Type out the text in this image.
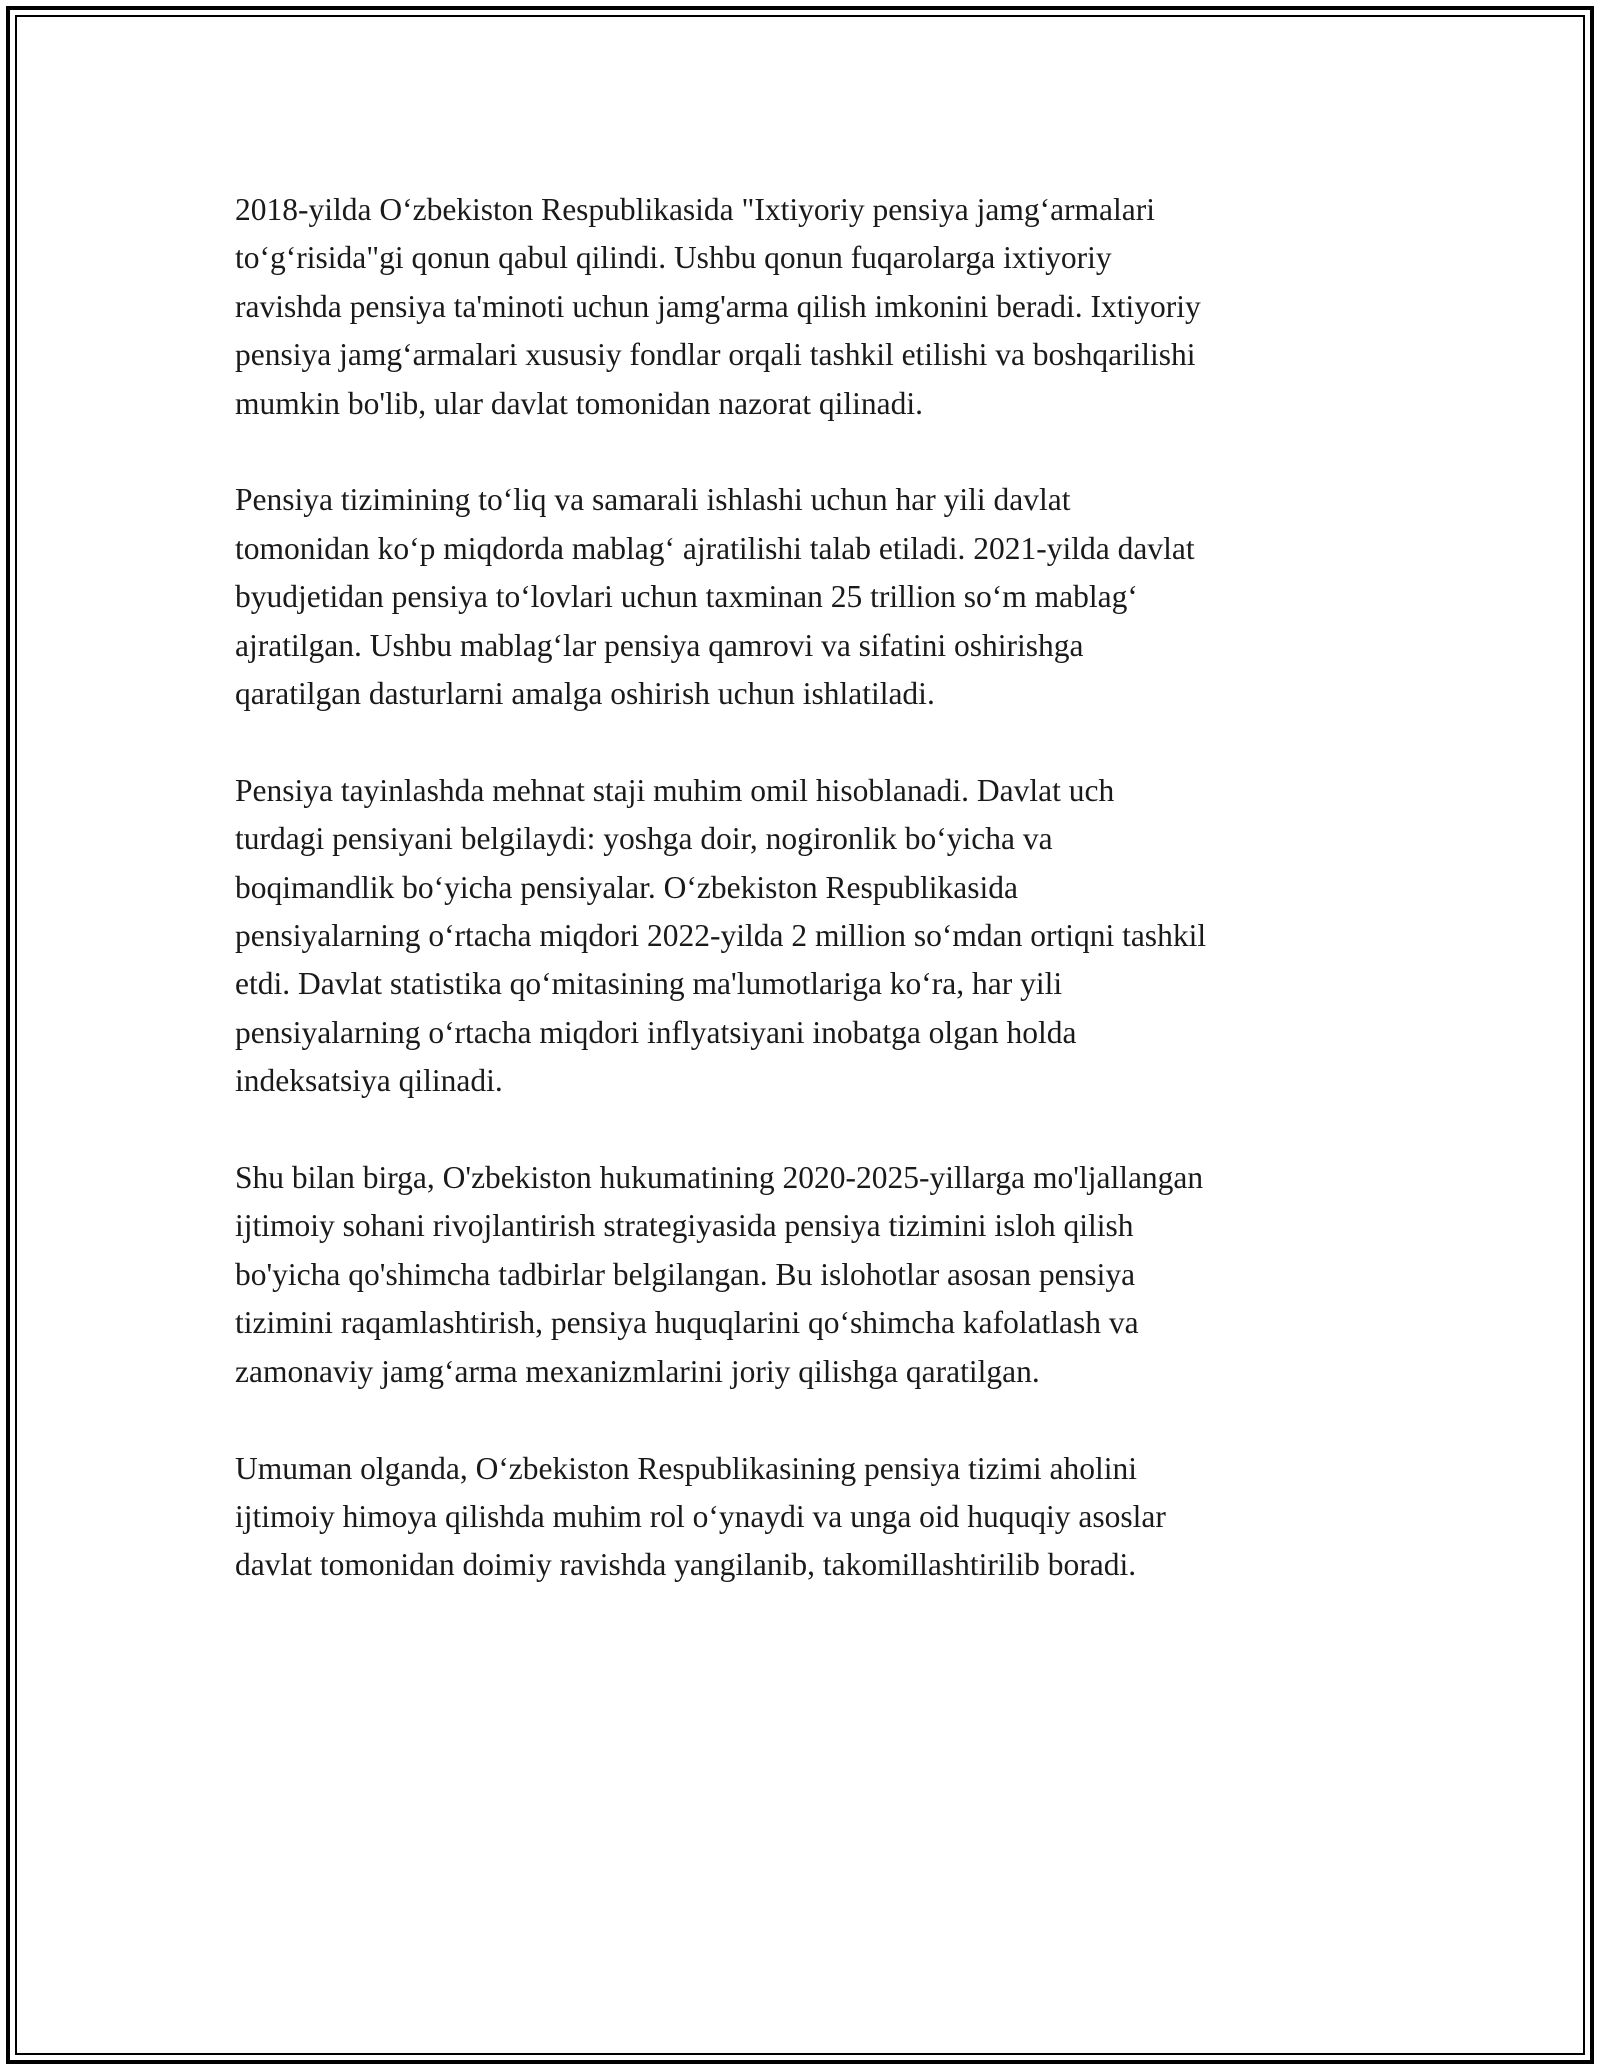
2018-yilda O‘zbekiston Respublikasida "Ixtiyoriy pensiya jamg‘armalari
to‘g‘risida"gi qonun qabul qilindi. Ushbu qonun fuqarolarga ixtiyoriy
ravishda pensiya ta'minoti uchun jamg'arma qilish imkonini beradi. Ixtiyoriy
pensiya jamg‘armalari xususiy fondlar orqali tashkil etilishi va boshqarilishi
mumkin bo'lib, ular davlat tomonidan nazorat qilinadi.

Pensiya tizimining to‘liq va samarali ishlashi uchun har yili davlat
tomonidan ko‘p miqdorda mablag‘ ajratilishi talab etiladi. 2021-yilda davlat
byudjetidan pensiya to‘lovlari uchun taxminan 25 trillion so‘m mablag‘
ajratilgan. Ushbu mablag‘lar pensiya qamrovi va sifatini oshirishga
qaratilgan dasturlarni amalga oshirish uchun ishlatiladi.

Pensiya tayinlashda mehnat staji muhim omil hisoblanadi. Davlat uch
turdagi pensiyani belgilaydi: yoshga doir, nogironlik bo‘yicha va
boqimandlik bo‘yicha pensiyalar. O‘zbekiston Respublikasida
pensiyalarning o‘rtacha miqdori 2022-yilda 2 million so‘mdan ortiqni tashkil
etdi. Davlat statistika qo‘mitasining ma'lumotlariga ko‘ra, har yili
pensiyalarning o‘rtacha miqdori inflyatsiyani inobatga olgan holda
indeksatsiya qilinadi.

Shu bilan birga, O'zbekiston hukumatining 2020-2025-yillarga mo'ljallangan
ijtimoiy sohani rivojlantirish strategiyasida pensiya tizimini isloh qilish
bo'yicha qo'shimcha tadbirlar belgilangan. Bu islohotlar asosan pensiya
tizimini raqamlashtirish, pensiya huquqlarini qo‘shimcha kafolatlash va
zamonaviy jamg‘arma mexanizmlarini joriy qilishga qaratilgan.

Umuman olganda, O‘zbekiston Respublikasining pensiya tizimi aholini
ijtimoiy himoya qilishda muhim rol o‘ynaydi va unga oid huquqiy asoslar
davlat tomonidan doimiy ravishda yangilanib, takomillashtirilib boradi.
